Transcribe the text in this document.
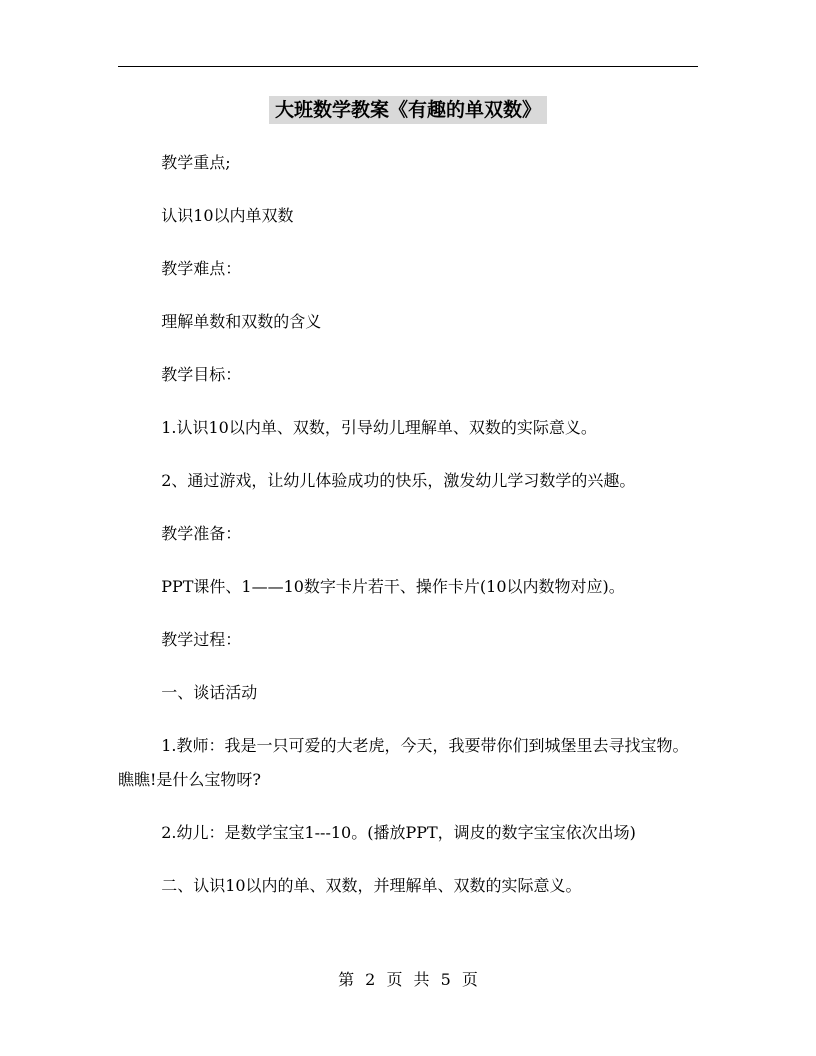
大班数学教案《有趣的单双数》

教学重点;

认识10以内单双数

教学难点：

理解单数和双数的含义

教学目标：

1.认识10以内单、双数，引导幼儿理解单、双数的实际意义。

2、通过游戏，让幼儿体验成功的快乐，激发幼儿学习数学的兴趣。

教学准备：

PPT课件、1——10数字卡片若干、操作卡片(10以内数物对应)。

教学过程：

一、谈话活动

1.教师：我是一只可爱的大老虎，今天，我要带你们到城堡里去寻找宝物。瞧瞧!是什么宝物呀?

2.幼儿：是数学宝宝1---10。(播放PPT，调皮的数字宝宝依次出场)

二、认识10以内的单、双数，并理解单、双数的实际意义。

第 2 页 共 5 页
